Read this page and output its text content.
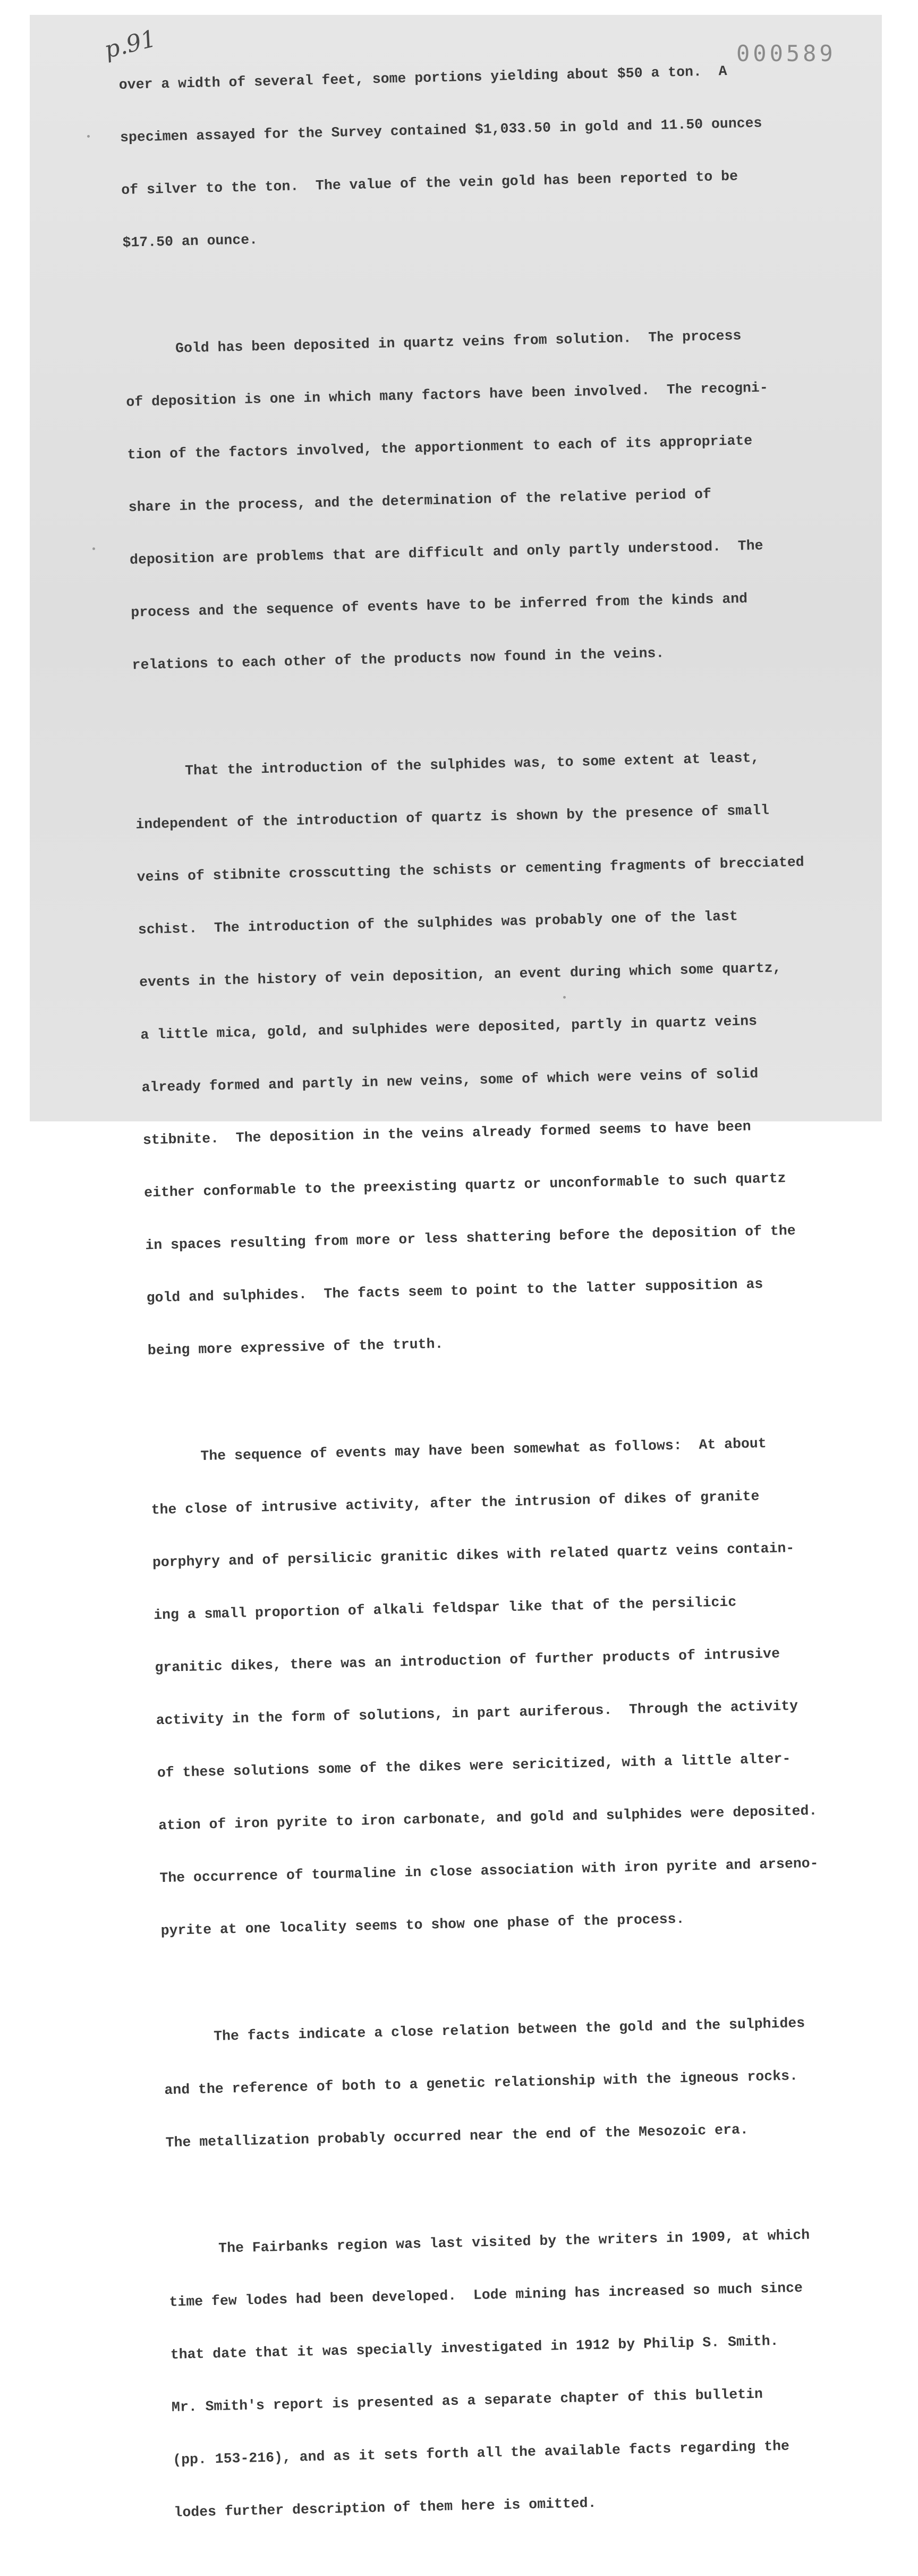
p.91	000589

over a width of several feet, some portions yielding about $50 a ton.  A

specimen assayed for the Survey contained $1,033.50 in gold and 11.50 ounces

of silver to the ton.  The value of the vein gold has been reported to be

$17.50 an ounce.

Gold has been deposited in quartz veins from solution.  The process

of deposition is one in which many factors have been involved.  The recogni-

tion of the factors involved, the apportionment to each of its appropriate

share in the process, and the determination of the relative period of

deposition are problems that are difficult and only partly understood.  The

process and the sequence of events have to be inferred from the kinds and

relations to each other of the products now found in the veins.

That the introduction of the sulphides was, to some extent at least,

independent of the introduction of quartz is shown by the presence of small

veins of stibnite crosscutting the schists or cementing fragments of brecciated

schist.  The introduction of the sulphides was probably one of the last

events in the history of vein deposition, an event during which some quartz,

a little mica, gold, and sulphides were deposited, partly in quartz veins

already formed and partly in new veins, some of which were veins of solid

stibnite.  The deposition in the veins already formed seems to have been

either conformable to the preexisting quartz or unconformable to such quartz

in spaces resulting from more or less shattering before the deposition of the

gold and sulphides.  The facts seem to point to the latter supposition as

being more expressive of the truth.

The sequence of events may have been somewhat as follows:  At about

the close of intrusive activity, after the intrusion of dikes of granite

porphyry and of persilicic granitic dikes with related quartz veins contain-

ing a small proportion of alkali feldspar like that of the persilicic

granitic dikes, there was an introduction of further products of intrusive

activity in the form of solutions, in part auriferous.  Through the activity

of these solutions some of the dikes were sericitized, with a little alter-

ation of iron pyrite to iron carbonate, and gold and sulphides were deposited.

The occurrence of tourmaline in close association with iron pyrite and arseno-

pyrite at one locality seems to show one phase of the process.

The facts indicate a close relation between the gold and the sulphides

and the reference of both to a genetic relationship with the igneous rocks.

The metallization probably occurred near the end of the Mesozoic era.

The Fairbanks region was last visited by the writers in 1909, at which

time few lodes had been developed.  Lode mining has increased so much since

that date that it was specially investigated in 1912 by Philip S. Smith.

Mr. Smith's report is presented as a separate chapter of this bulletin

(pp. 153-216), and as it sets forth all the available facts regarding the

lodes further description of them here is omitted.
